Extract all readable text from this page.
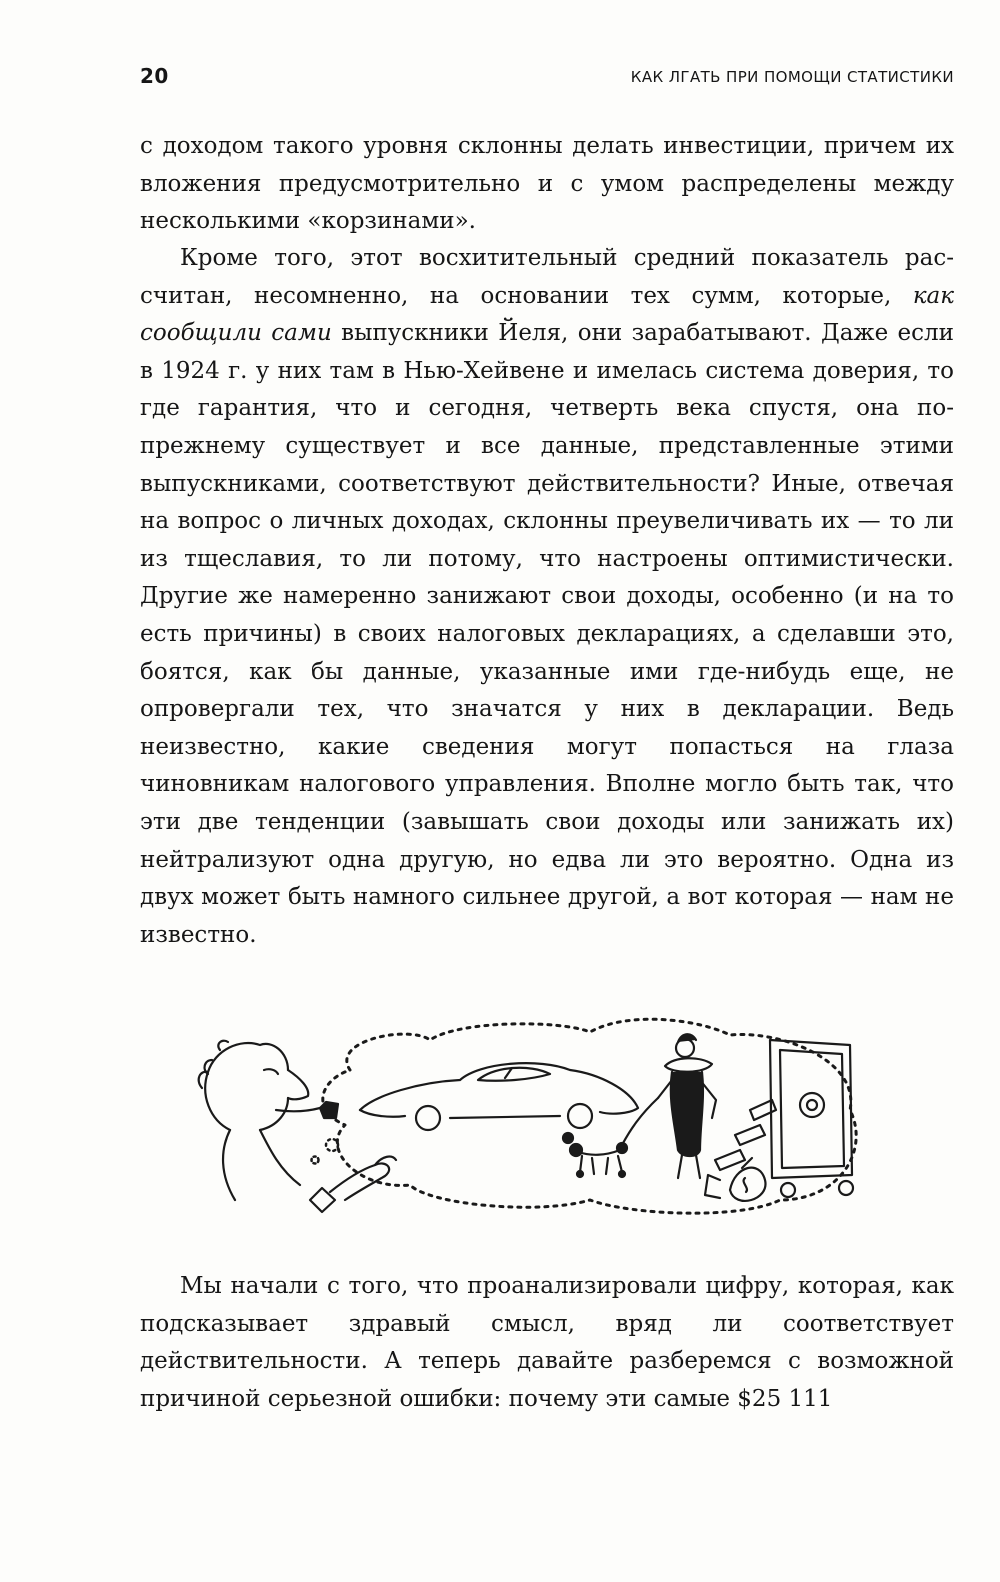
20	КАК ЛГАТЬ ПРИ ПОМОЩИ СТАТИСТИКИ

с доходом такого уровня склонны делать инвестиции, причем их вложения предусмотрительно и с умом распределены между несколькими «корзинами».

Кроме того, этот восхитительный средний показатель рассчитан, несомненно, на основании тех сумм, которые, как сообщили сами выпускники Йеля, они зарабатывают. Даже если в 1924 г. у них там в Нью-Хейвене и имелась система доверия, то где гарантия, что и сегодня, четверть века спустя, она по-прежнему существует и все данные, представленные этими выпускниками, соответствуют действительности? Иные, отвечая на вопрос о личных доходах, склонны преувеличивать их — то ли из тщеславия, то ли потому, что настроены оптимистически. Другие же намеренно занижают свои доходы, особенно (и на то есть причины) в своих налоговых декларациях, а сделавши это, боятся, как бы данные, указанные ими где-нибудь еще, не опровергали тех, что значатся у них в декларации. Ведь неизвестно, какие сведения могут попасться на глаза чиновникам налогового управления. Вполне могло быть так, что эти две тенденции (завышать свои доходы или занижать их) нейтрализуют одна другую, но едва ли это вероятно. Одна из двух может быть намного сильнее другой, а вот которая — нам не известно.

Мы начали с того, что проанализировали цифру, которая, как подсказывает здравый смысл, вряд ли соответствует действительности. А теперь давайте разберемся с возможной причиной серьезной ошибки: почему эти самые $25 111
